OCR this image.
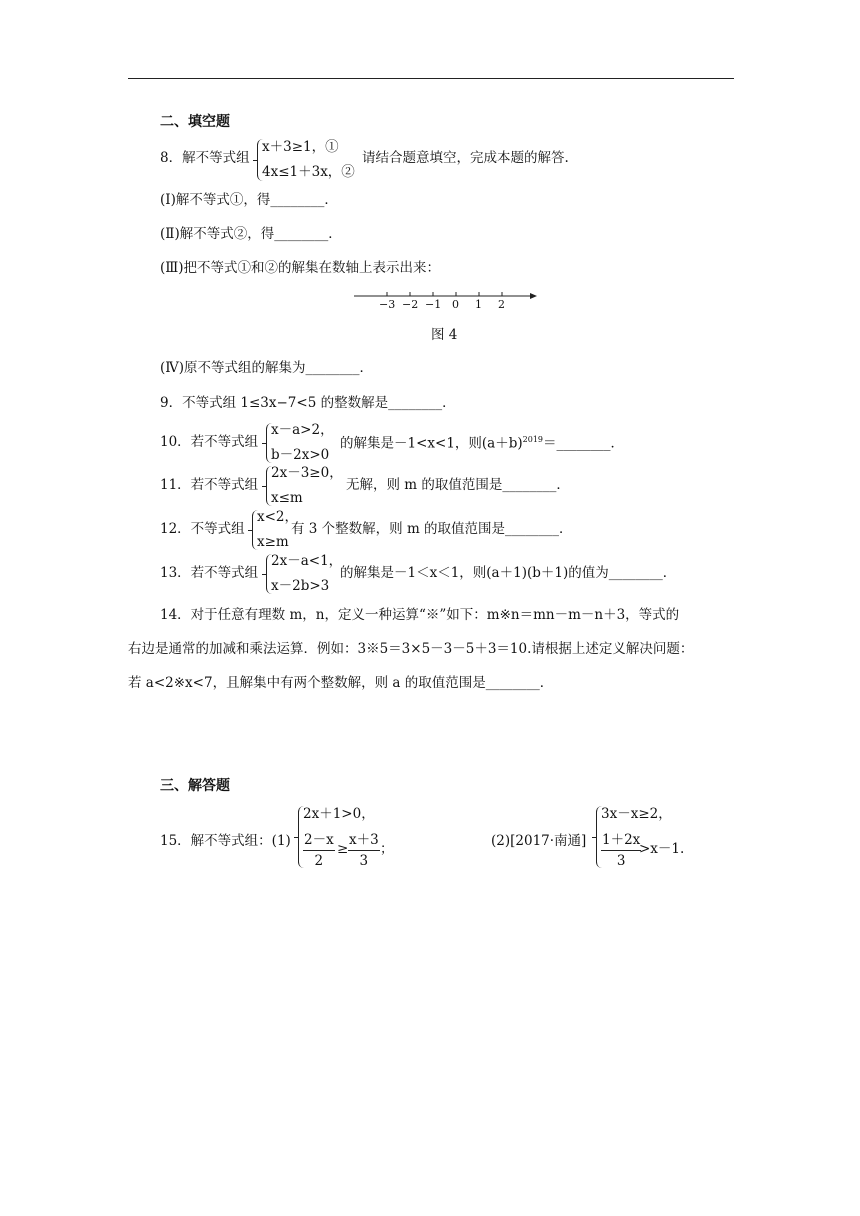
二、填空题
8．解不等式组
x＋3≥1，①
4x≤1＋3x，②
请结合题意填空，完成本题的解答.
(Ⅰ)解不等式①，得________．
(Ⅱ)解不等式②，得________．
(Ⅲ)把不等式①和②的解集在数轴上表示出来：
−3 −2 −1 0 1 2
图 4
(Ⅳ)原不等式组的解集为________．
9．不等式组 1≤3x−7<5 的整数解是________．
10．若不等式组
x－a>2，
b－2x>0
的解集是－1<x<1，则$(a+b)^{2019}=\_\_\_\_\_\_\_\_$．
11．若不等式组
2x－3≥0，
x≤m
无解，则 m 的取值范围是________．
12．不等式组
x<2，
x≥m
有 3 个整数解，则 m 的取值范围是________．
13．若不等式组
2x－a<1，
x－2b>3
的解集是－1＜x＜1，则(a＋1)(b＋1)的值为________．
14．对于任意有理数 m，n，定义一种运算“※”如下：m※n＝mn－m－n＋3，等式的
右边是通常的加减和乘法运算．例如：3※5＝3×5－3－5＋3＝10.请根据上述定义解决问题：
若 a<2※x<7，且解集中有两个整数解，则 a 的取值范围是________．
三、解答题
15．解不等式组：(1)
2x＋1>0，
$\frac{2-x}{2} \ge \frac{x+3}{3}$ ；	(2)[2017·南通]
3x－x≥2，
$\frac{1+2x}{3}$
>x－1.
